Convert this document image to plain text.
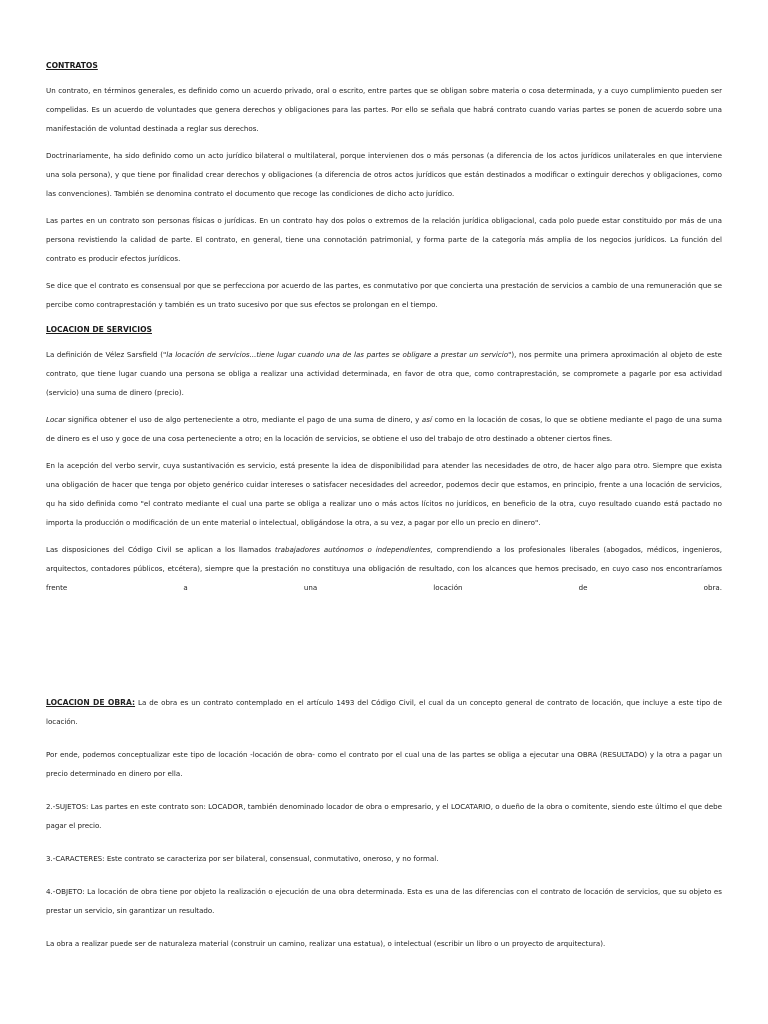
CONTRATOS

Un contrato, en términos generales, es definido como un acuerdo privado, oral o escrito, entre partes que se obligan sobre materia o cosa determinada, y a cuyo cumplimiento pueden ser compelidas. Es un acuerdo de voluntades que genera derechos y obligaciones para las partes. Por ello se señala que habrá contrato cuando varias partes se ponen de acuerdo sobre una manifestación de voluntad destinada a reglar sus derechos.

Doctrinariamente, ha sido definido como un acto jurídico bilateral o multilateral, porque intervienen dos o más personas (a diferencia de los actos jurídicos unilaterales en que interviene una sola persona), y que tiene por finalidad crear derechos y obligaciones (a diferencia de otros actos jurídicos que están destinados a modificar o extinguir derechos y obligaciones, como las convenciones). También se denomina contrato el documento que recoge las condiciones de dicho acto jurídico.

Las partes en un contrato son personas físicas o jurídicas. En un contrato hay dos polos o extremos de la relación jurídica obligacional, cada polo puede estar constituido por más de una persona revistiendo la calidad de parte. El contrato, en general, tiene una connotación patrimonial, y forma parte de la categoría más amplia de los negocios jurídicos. La función del contrato es producir efectos jurídicos.

Se dice que el contrato es consensual por que se perfecciona por acuerdo de las partes, es conmutativo por que concierta una prestación de servicios a cambio de una remuneración que se percibe como contraprestación y también es un trato sucesivo por que sus efectos se prolongan en el tiempo.

LOCACION DE SERVICIOS

La definición de Vélez Sarsfield ("la locación de servicios...tiene lugar cuando una de las partes se obligare a prestar un servicio"), nos permite una primera aproximación al objeto de este contrato, que tiene lugar cuando una persona se obliga a realizar una actividad determinada, en favor de otra que, como contraprestación, se compromete a pagarle por esa actividad (servicio) una suma de dinero (precio).

Locar significa obtener el uso de algo perteneciente a otro, mediante el pago de una suma de dinero, y así como en la locación de cosas, lo que se obtiene mediante el pago de una suma de dinero es el uso y goce de una cosa perteneciente a otro; en la locación de servicios, se obtiene el uso del trabajo de otro destinado a obtener ciertos fines.

En la acepción del verbo servir, cuya sustantivación es servicio, está presente la idea de disponibilidad para atender las necesidades de otro, de hacer algo para otro. Siempre que exista una obligación de hacer que tenga por objeto genérico cuidar intereses o satisfacer necesidades del acreedor, podemos decir que estamos, en principio, frente a una locación de servicios, qu ha sido definida como "el contrato mediante el cual una parte se obliga a realizar uno o más actos lícitos no jurídicos, en beneficio de la otra, cuyo resultado cuando está pactado no importa la producción o modificación de un ente material o intelectual, obligándose la otra, a su vez, a pagar por ello un precio en dinero".

Las disposiciones del Código Civil se aplican a los llamados trabajadores autónomos o independientes, comprendiendo a los profesionales liberales (abogados, médicos, ingenieros, arquitectos, contadores públicos, etcétera), siempre que la prestación no constituya una obligación de resultado, con los alcances que hemos precisado, en cuyo caso nos encontraríamos frente a una locación de obra.

LOCACION DE OBRA: La de obra es un contrato contemplado en el artículo 1493 del Código Civil, el cual da un concepto general de contrato de locación, que incluye a este tipo de locación.

Por ende, podemos conceptualizar este tipo de locación -locación de obra- como el contrato por el cual una de las partes se obliga a ejecutar una OBRA (RESULTADO) y la otra a pagar un precio determinado en dinero por ella.

2.-SUJETOS: Las partes en este contrato son: LOCADOR, también denominado locador de obra o empresario, y el LOCATARIO, o dueño de la obra o comitente, siendo este último el que debe pagar el precio.

3.-CARACTERES: Este contrato se caracteriza por ser bilateral, consensual, conmutativo, oneroso, y no formal.

4.-OBJETO: La locación de obra tiene por objeto la realización o ejecución de una obra determinada. Esta es una de las diferencias con el contrato de locación de servicios, que su objeto es prestar un servicio, sin garantizar un resultado.

La obra a realizar puede ser de naturaleza material (construir un camino, realizar una estatua), o intelectual (escribir un libro o un proyecto de arquitectura).
